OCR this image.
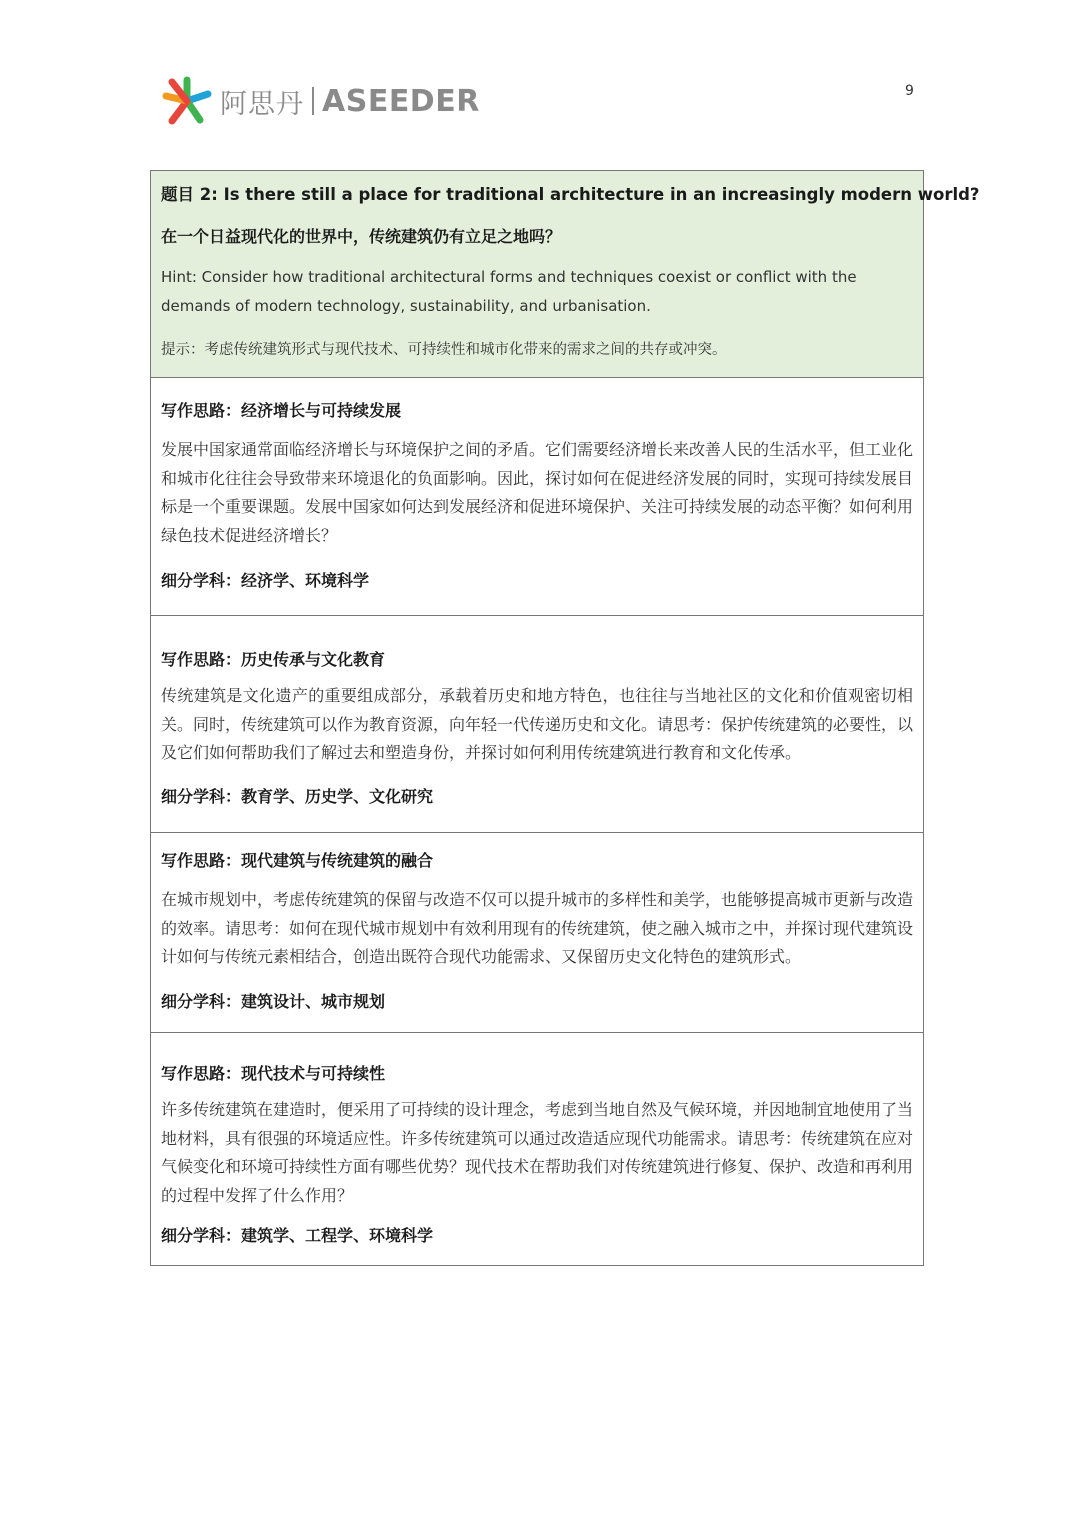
阿思丹 ASEEDER	9
题目 2: Is there still a place for traditional architecture in an increasingly modern world?
在一个日益现代化的世界中，传统建筑仍有立足之地吗？
Hint: Consider how traditional architectural forms and techniques coexist or conflict with the demands of modern technology, sustainability, and urbanisation.
提示：考虑传统建筑形式与现代技术、可持续性和城市化带来的需求之间的共存或冲突。
写作思路：经济增长与可持续发展
发展中国家通常面临经济增长与环境保护之间的矛盾。它们需要经济增长来改善人民的生活水平，但工业化和城市化往往会导致带来环境退化的负面影响。因此，探讨如何在促进经济发展的同时，实现可持续发展目标是一个重要课题。发展中国家如何达到发展经济和促进环境保护、关注可持续发展的动态平衡？如何利用绿色技术促进经济增长？
细分学科：经济学、环境科学
写作思路：历史传承与文化教育
传统建筑是文化遗产的重要组成部分，承载着历史和地方特色，也往往与当地社区的文化和价值观密切相关。同时，传统建筑可以作为教育资源，向年轻一代传递历史和文化。请思考：保护传统建筑的必要性，以及它们如何帮助我们了解过去和塑造身份，并探讨如何利用传统建筑进行教育和文化传承。
细分学科：教育学、历史学、文化研究
写作思路：现代建筑与传统建筑的融合
在城市规划中，考虑传统建筑的保留与改造不仅可以提升城市的多样性和美学，也能够提高城市更新与改造的效率。请思考：如何在现代城市规划中有效利用现有的传统建筑，使之融入城市之中，并探讨现代建筑设计如何与传统元素相结合，创造出既符合现代功能需求、又保留历史文化特色的建筑形式。
细分学科：建筑设计、城市规划
写作思路：现代技术与可持续性
许多传统建筑在建造时，便采用了可持续的设计理念，考虑到当地自然及气候环境，并因地制宜地使用了当地材料，具有很强的环境适应性。许多传统建筑可以通过改造适应现代功能需求。请思考：传统建筑在应对气候变化和环境可持续性方面有哪些优势？现代技术在帮助我们对传统建筑进行修复、保护、改造和再利用的过程中发挥了什么作用？
细分学科：建筑学、工程学、环境科学
